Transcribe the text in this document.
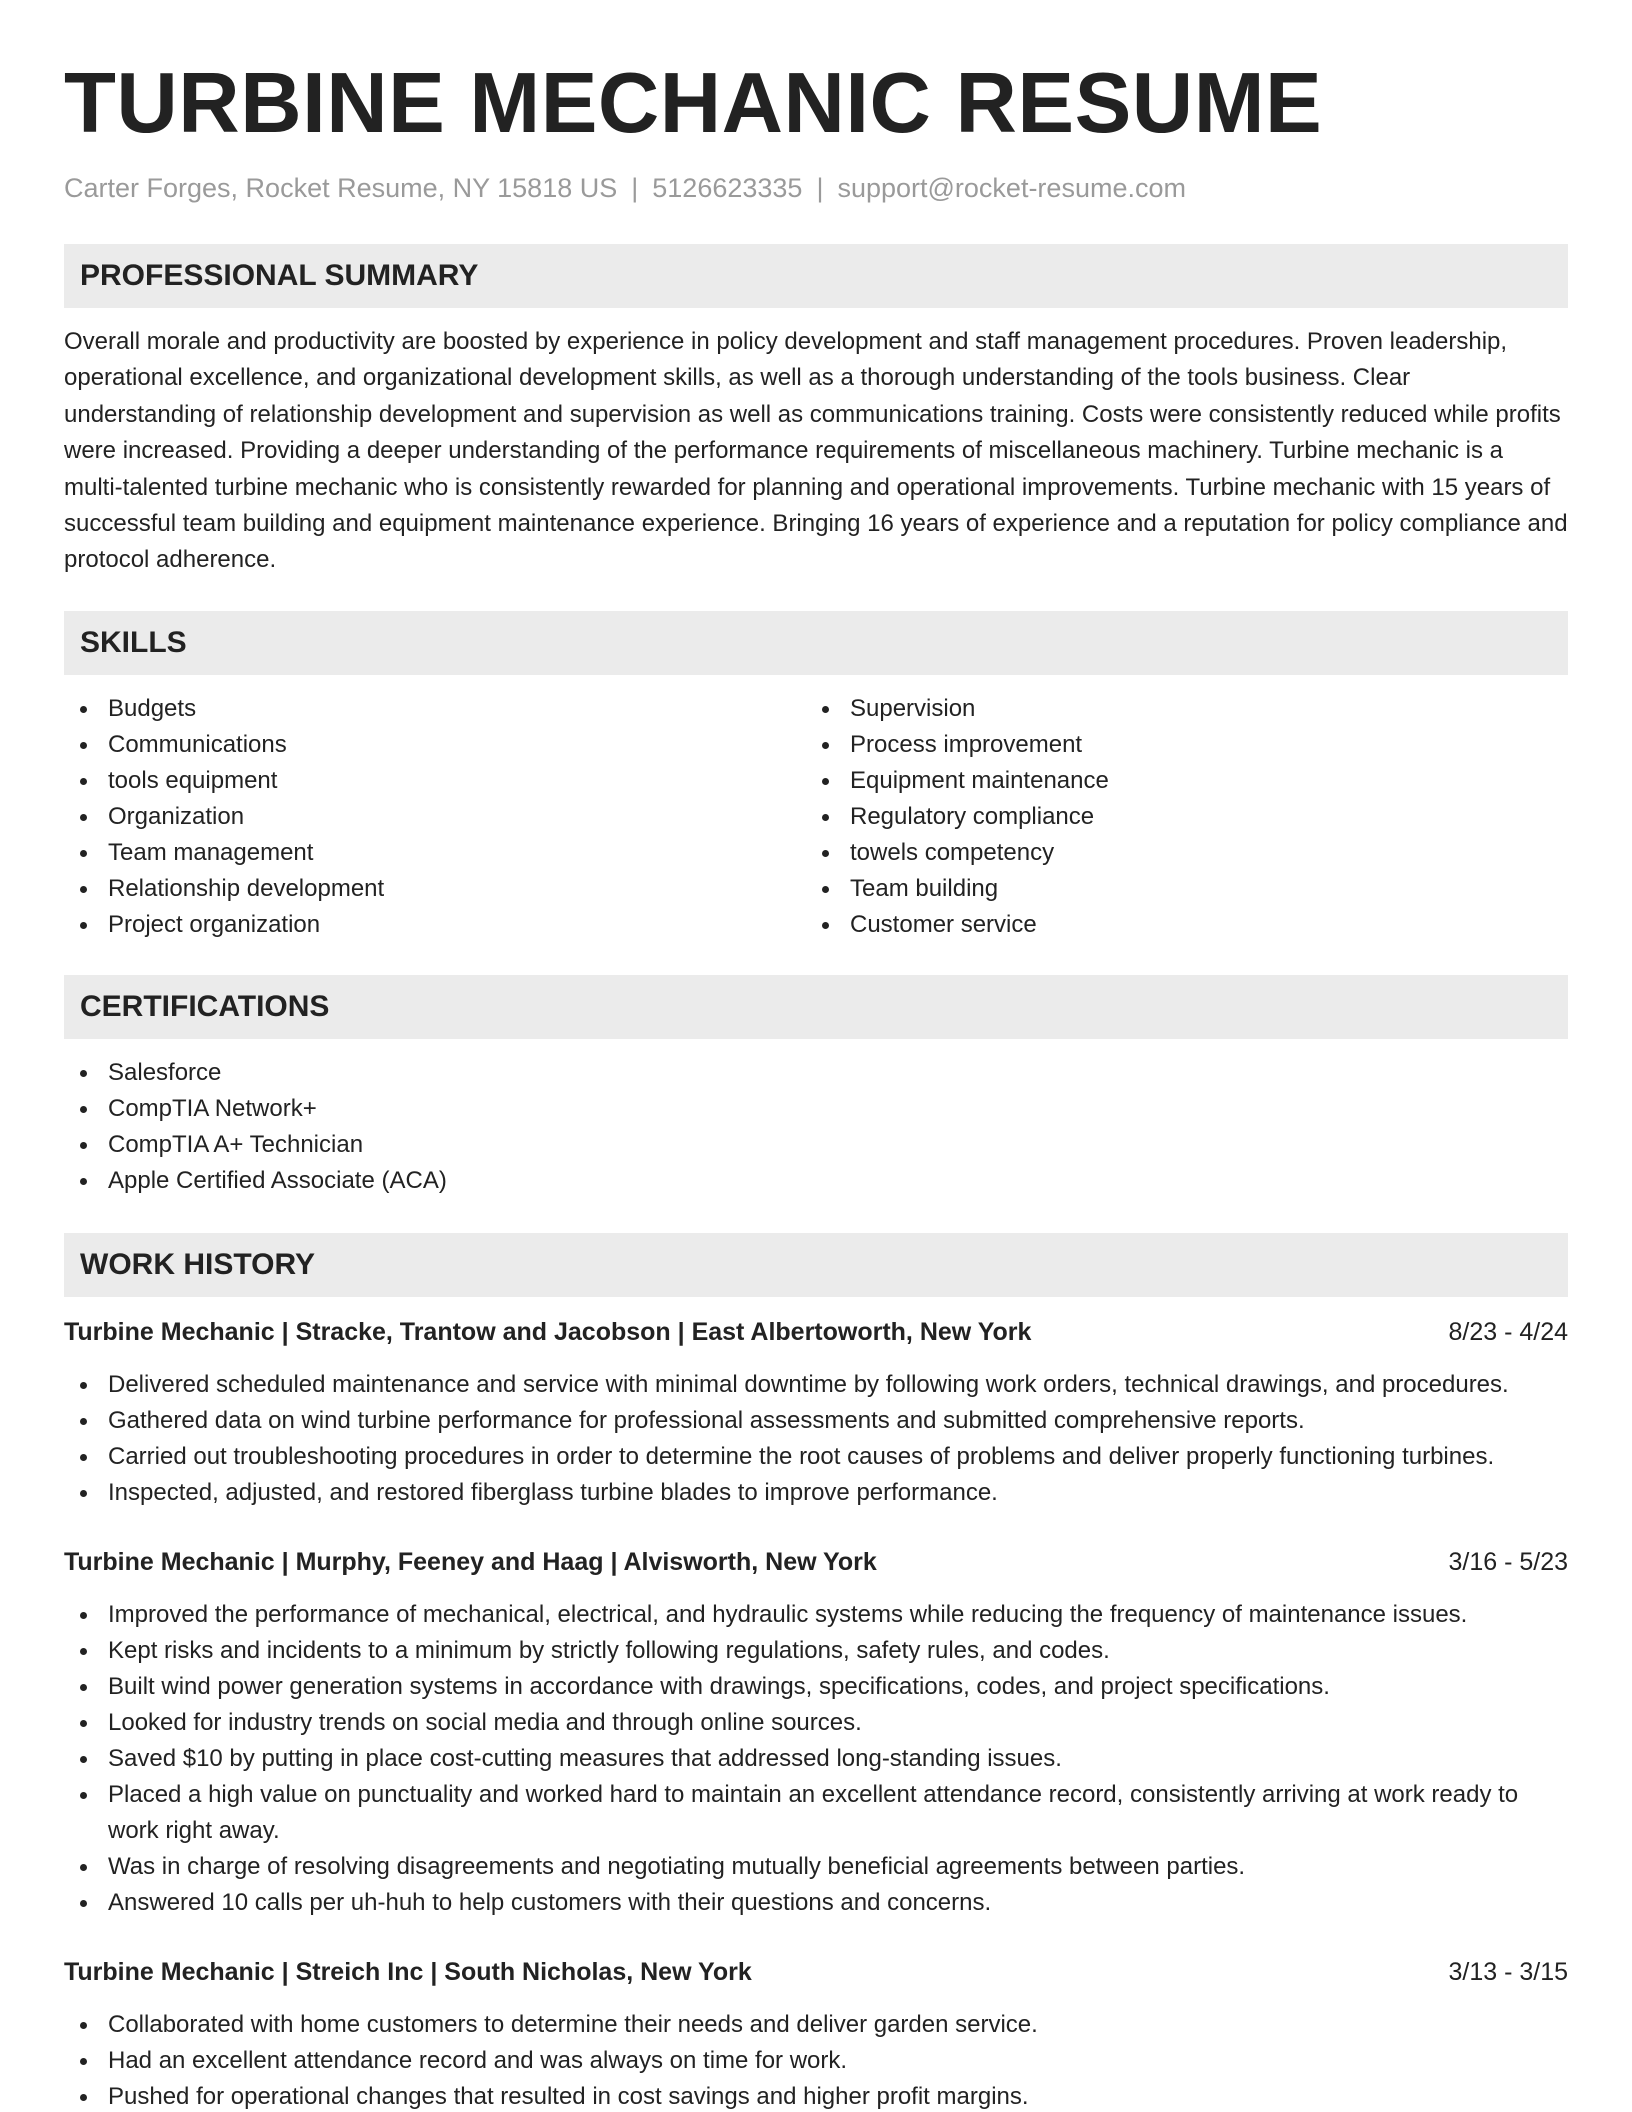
TURBINE MECHANIC RESUME
Carter Forges, Rocket Resume, NY 15818 US | 5126623335 | support@rocket-resume.com
PROFESSIONAL SUMMARY
Overall morale and productivity are boosted by experience in policy development and staff management procedures. Proven leadership, operational excellence, and organizational development skills, as well as a thorough understanding of the tools business. Clear understanding of relationship development and supervision as well as communications training. Costs were consistently reduced while profits were increased. Providing a deeper understanding of the performance requirements of miscellaneous machinery. Turbine mechanic is a multi-talented turbine mechanic who is consistently rewarded for planning and operational improvements. Turbine mechanic with 15 years of successful team building and equipment maintenance experience. Bringing 16 years of experience and a reputation for policy compliance and protocol adherence.
SKILLS
Budgets
Communications
tools equipment
Organization
Team management
Relationship development
Project organization
Supervision
Process improvement
Equipment maintenance
Regulatory compliance
towels competency
Team building
Customer service
CERTIFICATIONS
Salesforce
CompTIA Network+
CompTIA A+ Technician
Apple Certified Associate (ACA)
WORK HISTORY
Turbine Mechanic | Stracke, Trantow and Jacobson | East Albertoworth, New York	8/23 - 4/24
Delivered scheduled maintenance and service with minimal downtime by following work orders, technical drawings, and procedures.
Gathered data on wind turbine performance for professional assessments and submitted comprehensive reports.
Carried out troubleshooting procedures in order to determine the root causes of problems and deliver properly functioning turbines.
Inspected, adjusted, and restored fiberglass turbine blades to improve performance.
Turbine Mechanic | Murphy, Feeney and Haag | Alvisworth, New York	3/16 - 5/23
Improved the performance of mechanical, electrical, and hydraulic systems while reducing the frequency of maintenance issues.
Kept risks and incidents to a minimum by strictly following regulations, safety rules, and codes.
Built wind power generation systems in accordance with drawings, specifications, codes, and project specifications.
Looked for industry trends on social media and through online sources.
Saved $10 by putting in place cost-cutting measures that addressed long-standing issues.
Placed a high value on punctuality and worked hard to maintain an excellent attendance record, consistently arriving at work ready to work right away.
Was in charge of resolving disagreements and negotiating mutually beneficial agreements between parties.
Answered 10 calls per uh-huh to help customers with their questions and concerns.
Turbine Mechanic | Streich Inc | South Nicholas, New York	3/13 - 3/15
Collaborated with home customers to determine their needs and deliver garden service.
Had an excellent attendance record and was always on time for work.
Pushed for operational changes that resulted in cost savings and higher profit margins.
